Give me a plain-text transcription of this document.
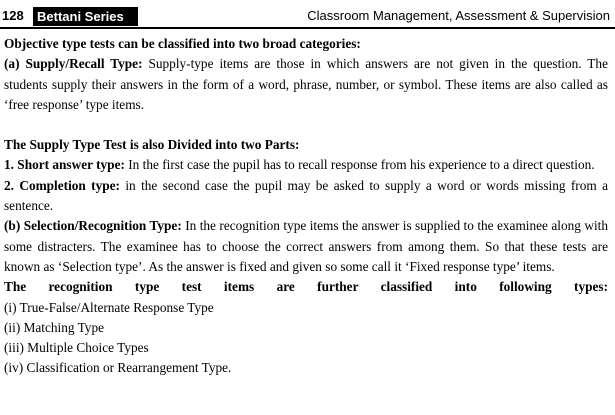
128	Bettani Series	Classroom Management, Assessment & Supervision

Objective type tests can be classified into two broad categories:

(a) Supply/Recall Type: Supply-type items are those in which answers are not given in the question. The students supply their answers in the form of a word, phrase, number, or symbol. These items are also called as ‘free response’ type items.

The Supply Type Test is also Divided into two Parts:

1. Short answer type: In the first case the pupil has to recall response from his experience to a direct question.

2. Completion type: in the second case the pupil may be asked to supply a word or words missing from a sentence.

(b) Selection/Recognition Type: In the recognition type items the answer is supplied to the examinee along with some distracters. The examinee has to choose the correct answers from among them. So that these tests are known as ‘Selection type’. As the answer is fixed and given so some call it ‘Fixed response type’ items.

The recognition type test items are further classified into following types:

(i) True-False/Alternate Response Type

(ii) Matching Type

(iii) Multiple Choice Types

(iv) Classification or Rearrangement Type.
